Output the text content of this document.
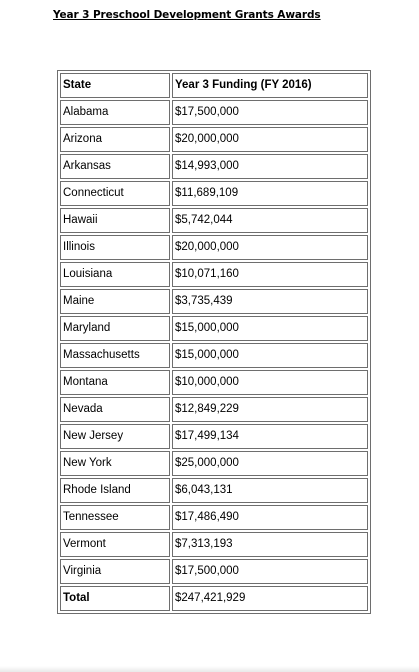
Year 3 Preschool Development Grants Awards
State	Year 3 Funding (FY 2016)
Alabama	$17,500,000
Arizona	$20,000,000
Arkansas	$14,993,000
Connecticut	$11,689,109
Hawaii	$5,742,044
Illinois	$20,000,000
Louisiana	$10,071,160
Maine	$3,735,439
Maryland	$15,000,000
Massachusetts	$15,000,000
Montana	$10,000,000
Nevada	$12,849,229
New Jersey	$17,499,134
New York	$25,000,000
Rhode Island	$6,043,131
Tennessee	$17,486,490
Vermont	$7,313,193
Virginia	$17,500,000
Total	$247,421,929
